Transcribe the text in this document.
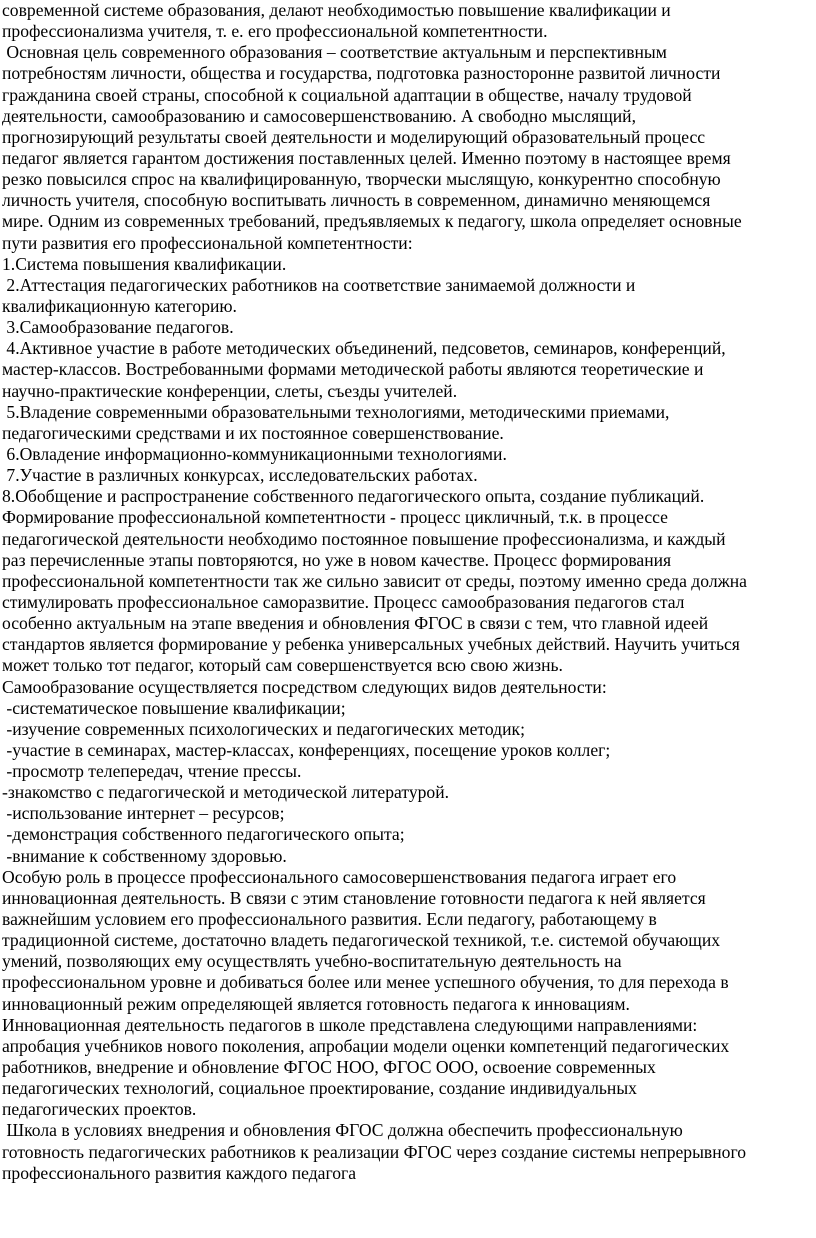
современной системе образования, делают необходимостью повышение квалификации и
профессионализма учителя, т. е. его профессиональной компетентности.
Основная цель современного образования – соответствие актуальным и перспективным
потребностям личности, общества и государства, подготовка разносторонне развитой личности
гражданина своей страны, способной к социальной адаптации в обществе, началу трудовой
деятельности, самообразованию и самосовершенствованию. А свободно мыслящий,
прогнозирующий результаты своей деятельности и моделирующий образовательный процесс
педагог является гарантом достижения поставленных целей. Именно поэтому в настоящее время
резко повысился спрос на квалифицированную, творчески мыслящую, конкурентно способную
личность учителя, способную воспитывать личность в современном, динамично меняющемся
мире. Одним из современных требований, предъявляемых к педагогу, школа определяет основные
пути развития его профессиональной компетентности:
1.Система повышения квалификации.
2.Аттестация педагогических работников на соответствие занимаемой должности и
квалификационную категорию.
3.Самообразование педагогов.
4.Активное участие в работе методических объединений, педсоветов, семинаров, конференций,
мастер-классов. Востребованными формами методической работы являются теоретические и
научно-практические конференции, слеты, съезды учителей.
5.Владение современными образовательными технологиями, методическими приемами,
педагогическими средствами и их постоянное совершенствование.
6.Овладение информационно-коммуникационными технологиями.
7.Участие в различных конкурсах, исследовательских работах.
8.Обобщение и распространение собственного педагогического опыта, создание публикаций.
Формирование профессиональной компетентности - процесс цикличный, т.к. в процессе
педагогической деятельности необходимо постоянное повышение профессионализма, и каждый
раз перечисленные этапы повторяются, но уже в новом качестве. Процесс формирования
профессиональной компетентности так же сильно зависит от среды, поэтому именно среда должна
стимулировать профессиональное саморазвитие. Процесс самообразования педагогов стал
особенно актуальным на этапе введения и обновления ФГОС в связи с тем, что главной идеей
стандартов является формирование у ребенка универсальных учебных действий. Научить учиться
может только тот педагог, который сам совершенствуется всю свою жизнь.
Самообразование осуществляется посредством следующих видов деятельности:
-систематическое повышение квалификации;
-изучение современных психологических и педагогических методик;
-участие в семинарах, мастер-классах, конференциях, посещение уроков коллег;
-просмотр телепередач, чтение прессы.
-знакомство с педагогической и методической литературой.
-использование интернет – ресурсов;
-демонстрация собственного педагогического опыта;
-внимание к собственному здоровью.
Особую роль в процессе профессионального самосовершенствования педагога играет его
инновационная деятельность. В связи с этим становление готовности педагога к ней является
важнейшим условием его профессионального развития. Если педагогу, работающему в
традиционной системе, достаточно владеть педагогической техникой, т.е. системой обучающих
умений, позволяющих ему осуществлять учебно-воспитательную деятельность на
профессиональном уровне и добиваться более или менее успешного обучения, то для перехода в
инновационный режим определяющей является готовность педагога к инновациям.
Инновационная деятельность педагогов в школе представлена следующими направлениями:
апробация учебников нового поколения, апробации модели оценки компетенций педагогических
работников, внедрение и обновление ФГОС НОО, ФГОС ООО, освоение современных
педагогических технологий, социальное проектирование, создание индивидуальных
педагогических проектов.
Школа в условиях внедрения и обновления ФГОС должна обеспечить профессиональную
готовность педагогических работников к реализации ФГОС через создание системы непрерывного
профессионального развития каждого педагога
